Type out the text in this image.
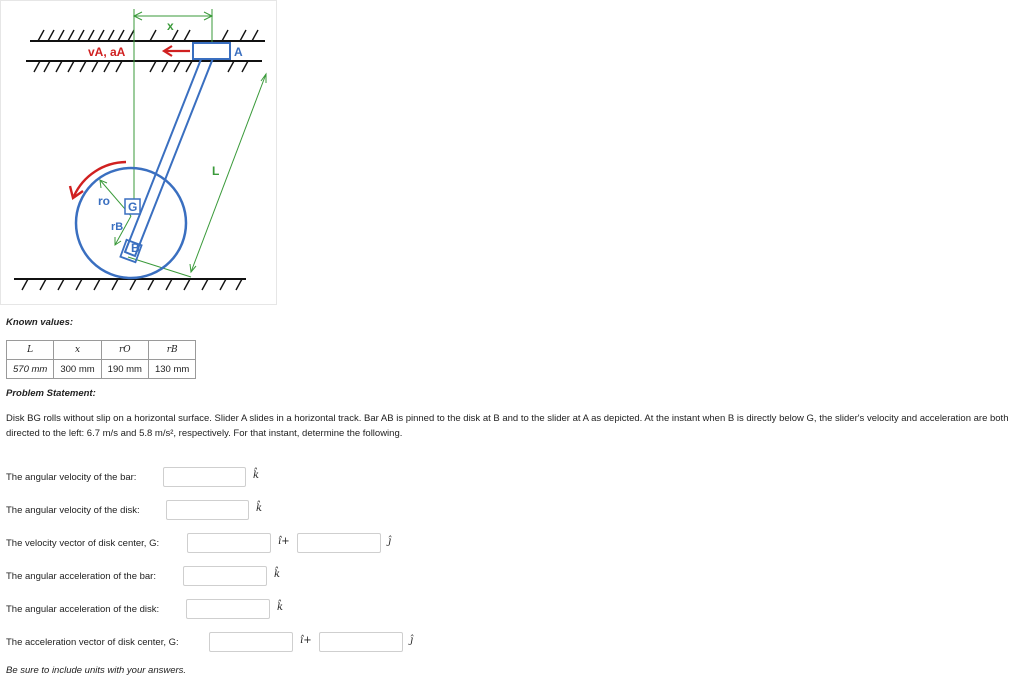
x
vA, aA	A
L
G
ro
rB
B
Known values:
L	x	rO	rB
570 mm	300 mm	190 mm	130 mm
Problem Statement:
Disk BG rolls without slip on a horizontal surface. Slider A slides in a horizontal track. Bar AB is pinned to the disk at B and to the slider at A as depicted. At the instant when B is directly below G, the slider's velocity and acceleration are both directed to the left: 6.7 m/s and 5.8 m/s², respectively. For that instant, determine the following.
The angular velocity of the bar:	k̂
The angular velocity of the disk:	k̂
The velocity vector of disk center, G:	î+	ĵ
The angular acceleration of the bar:	k̂
The angular acceleration of the disk:	k̂
The acceleration vector of disk center, G:	î+	ĵ
Be sure to include units with your answers.
